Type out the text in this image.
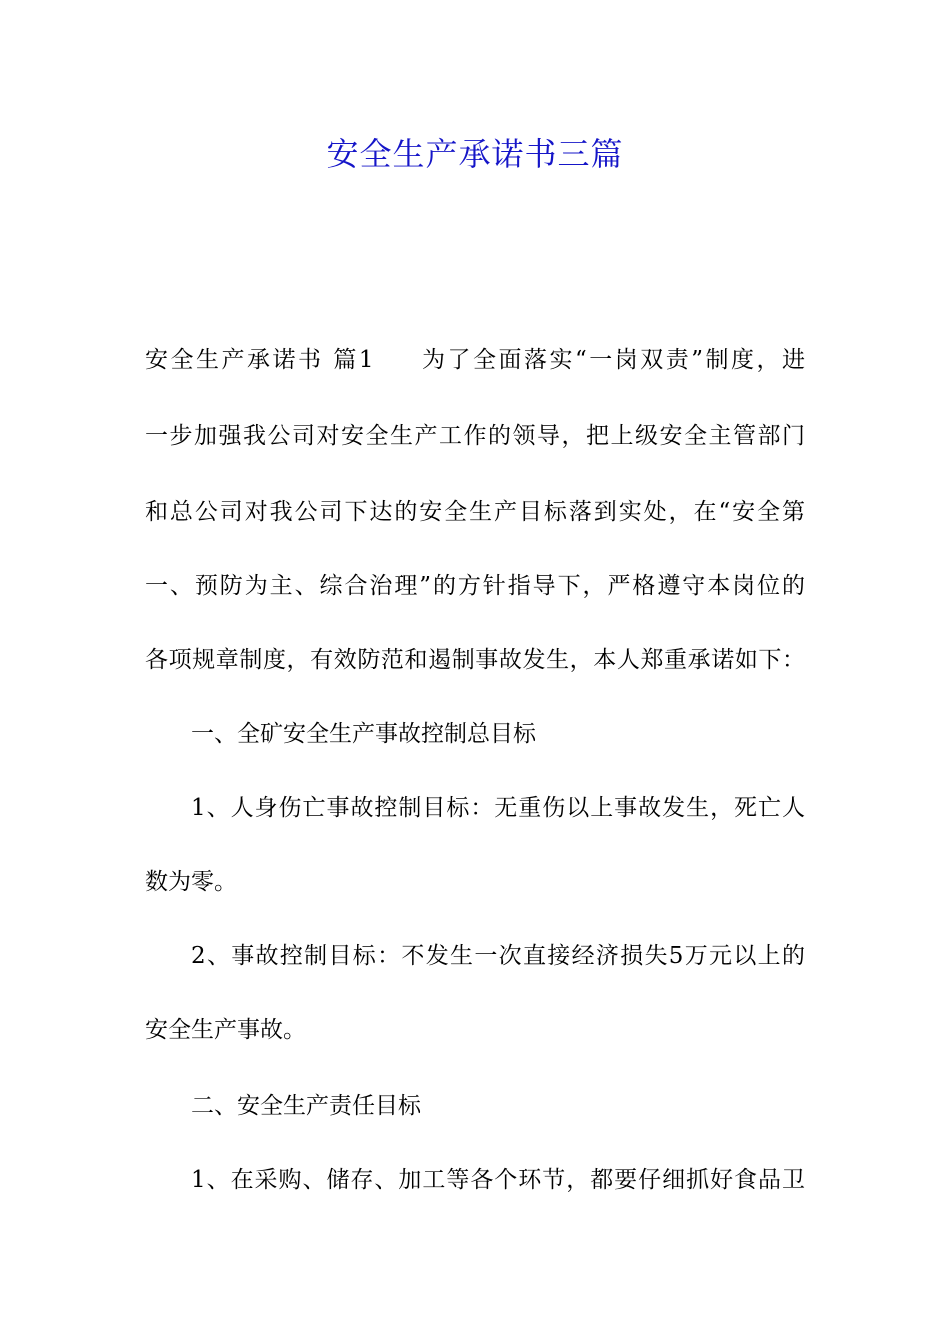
安全生产承诺书三篇
安全生产承诺书 篇1 为了全面落实“一岗双责”制度，进
一步加强我公司对安全生产工作的领导，把上级安全主管部门
和总公司对我公司下达的安全生产目标落到实处，在“安全第
一、预防为主、综合治理”的方针指导下，严格遵守本岗位的
各项规章制度，有效防范和遏制事故发生，本人郑重承诺如下：
一、全矿安全生产事故控制总目标
1、人身伤亡事故控制目标：无重伤以上事故发生，死亡人
数为零。
2、事故控制目标：不发生一次直接经济损失5万元以上的
安全生产事故。
二、安全生产责任目标
1、在采购、储存、加工等各个环节，都要仔细抓好食品卫
